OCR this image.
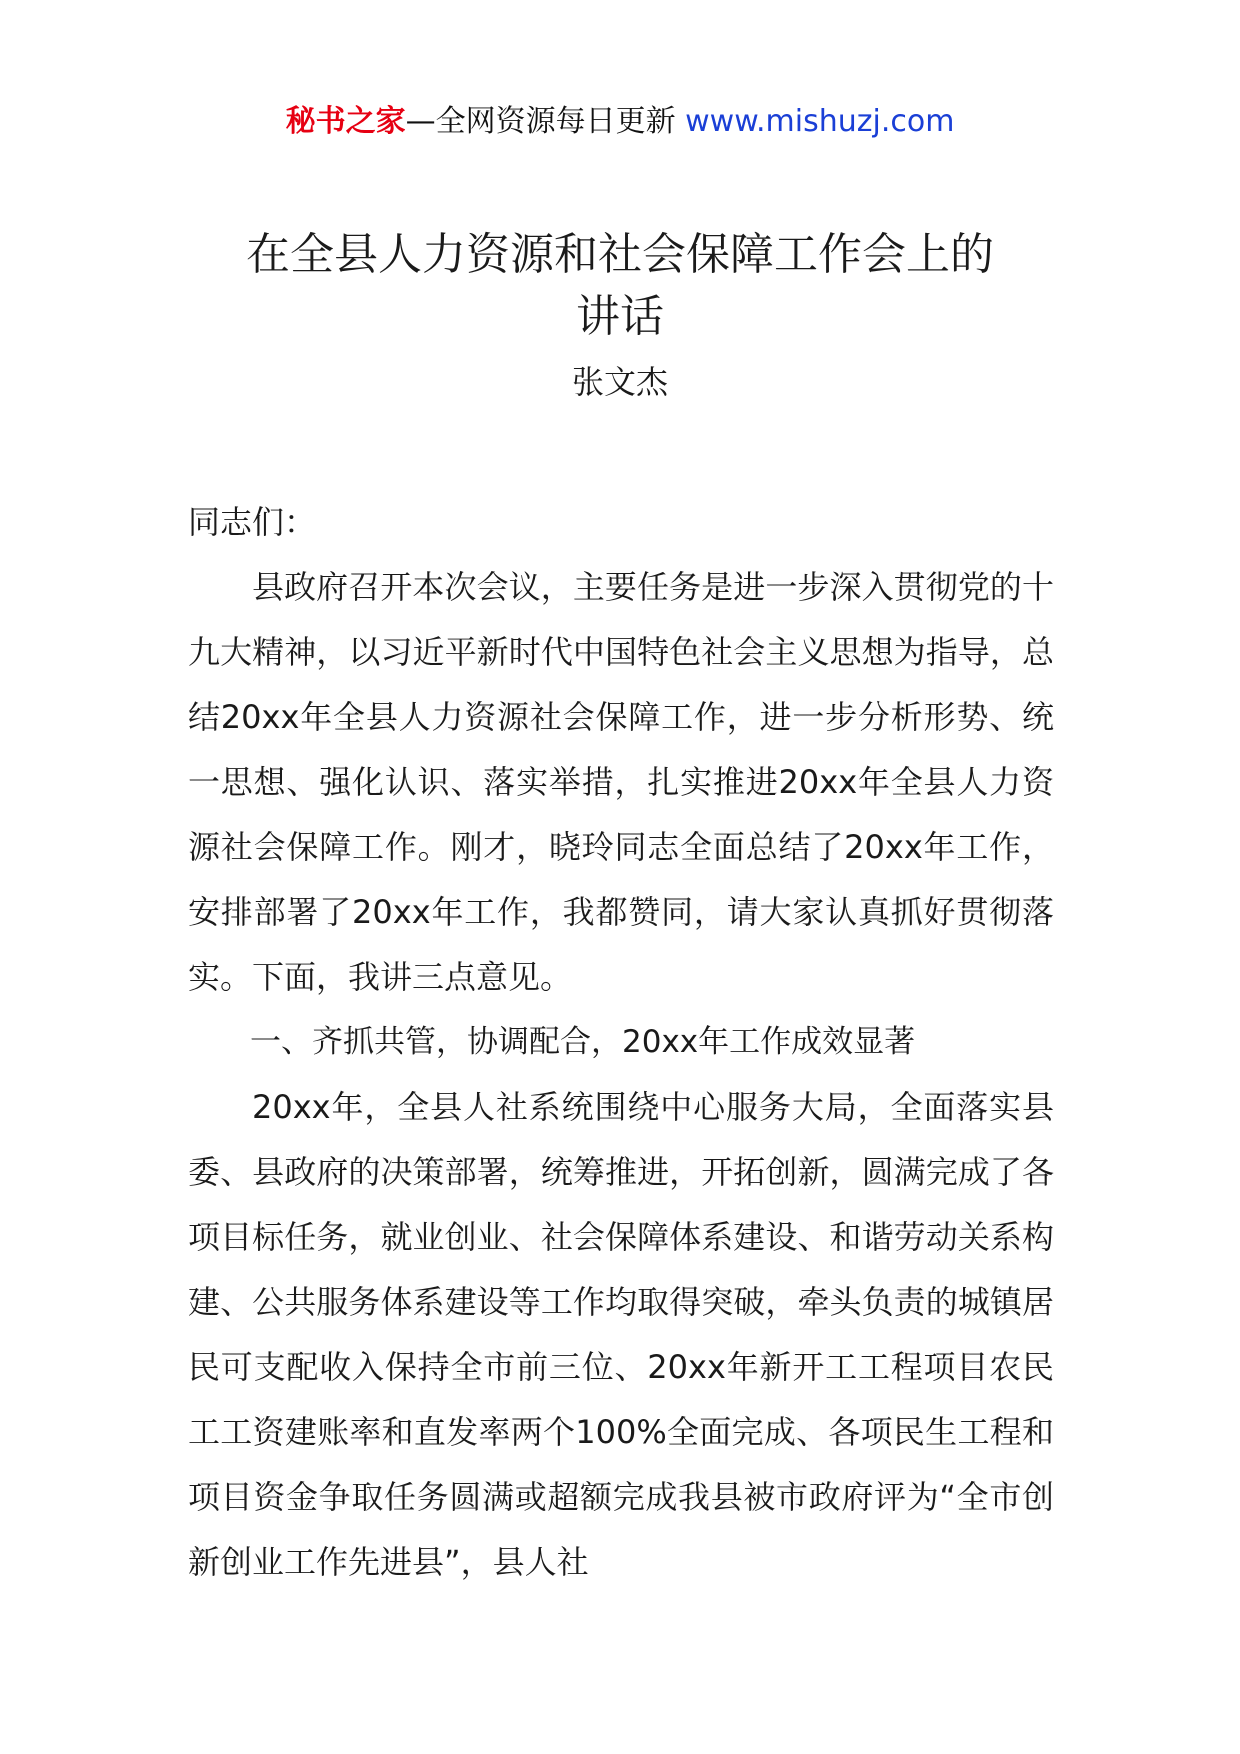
秘书之家—全网资源每日更新 www.mishuzj.com
在全县人力资源和社会保障工作会上的
讲话
张文杰

同志们：

县政府召开本次会议，主要任务是进一步深入贯彻党的十九大精神，以习近平新时代中国特色社会主义思想为指导，总结20xx年全县人力资源社会保障工作，进一步分析形势、统一思想、强化认识、落实举措，扎实推进20xx年全县人力资源社会保障工作。刚才，晓玲同志全面总结了20xx年工作，安排部署了20xx年工作，我都赞同，请大家认真抓好贯彻落实。下面，我讲三点意见。

一、齐抓共管，协调配合，20xx年工作成效显著

20xx年，全县人社系统围绕中心服务大局，全面落实县委、县政府的决策部署，统筹推进，开拓创新，圆满完成了各项目标任务，就业创业、社会保障体系建设、和谐劳动关系构建、公共服务体系建设等工作均取得突破，牵头负责的城镇居民可支配收入保持全市前三位、20xx年新开工工程项目农民工工资建账率和直发率两个100%全面完成、各项民生工程和项目资金争取任务圆满或超额完成我县被市政府评为“全市创新创业工作先进县”，县人社
